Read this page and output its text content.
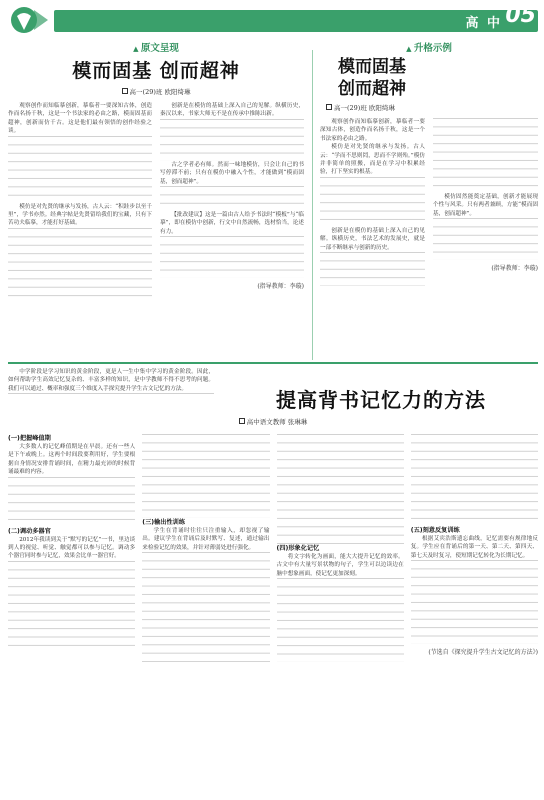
高 中 05
▲ 原文呈现
▲	升格示例
模而固基 创而超神
高一(29)班 欧阳绮琳

观察创作而知临摹创新，摹临者一要深知古体，创造作而名扬千秋，这是一个书法家的必由之路，模而固基而超神，创新而仿千古。这是他们最有领悟的创作经验之谈。

模仿是对先贤的继承与发扬，古人云：“积跬步以至千里”，学书亦然。经典字帖是先贤留给我们的宝藏，只有下苦功夫临摹，才能打好基础。

创新是在模仿的基础上深入自己的见解。纵横历史，秦汉以来，书家大师无不是在传承中推陈出新。

古之学者必有师。然而一味地模仿，只会让自己的书写停滞不前；只有在模仿中融入个性，才能做到“模而固基，创而超神”。

【批改建议】这是一篇由古人给予书法时“模板”与“临摹”，即在模仿中创新，行文中自然流畅，选材恰当，论述有力。

(指导教师：李璇)
模而固基
创而超神
高一(29)班 欧阳绮琳

观察创作而知临摹创新，摹临者一要深知古体，创造作而名扬千秋，这是一个书法家的必由之路。

模仿是对先贤的继承与发扬。古人云：“学而不思则罔，思而不学则殆。”模仿并非简单的照搬，而是在学习中积累经验，打下坚实的根基。

创新是在模仿的基础上深入自己的见解。纵横历史，书法艺术的发展史，就是一部不断继承与创新的历史。

模仿固然能奠定基础，创新才能展现个性与风采。只有两者兼顾，方能“模而固基，创而超神”。

(指导教师：李璇)

中学阶段是学习知识的黄金阶段，更是人一生中集中学习的黄金阶段。因此，如何帮助学生高效记忆复杂的、丰富多样的知识，是中学教师不得不思考的问题。我们可以通过、概率和强度三个维度入手探究提升学生古文记忆的方法。	提高背书记忆力的方法
高中语文教师 张琳琳
(一)把握峰值期

大多数人的记忆峰值期是在早晨。还有一些人是下午或晚上。这两个时间段要利用好，学生要根据自身情况安排背诵时间，在精力最充沛的时候背诵最难的内容。

(二)调动多器官

2012年我读到关于“默写的记忆”一书，里边谈到人的视觉、听觉、触觉都可以参与记忆。调动多个器官同时参与记忆，效果会比单一器官好。

(三)输出性训练

学生在背诵时往往只注重输入，却忽视了输出。建议学生在背诵后及时默写、复述，通过输出来检验记忆的效果，并针对薄弱处进行强化。	(四)形象化记忆

将文字转化为画面，能大大提升记忆的效率。古文中有大量写景状物的句子，学生可以边读边在脑中想象画面，使记忆更加深刻。

(五)刻意反复训练

根据艾宾浩斯遗忘曲线，记忆需要有规律地反复。学生应在背诵后的第一天、第二天、第四天、第七天及时复习，使短期记忆转化为长期记忆。

(节选自《探究提升学生古文记忆的方法》)
